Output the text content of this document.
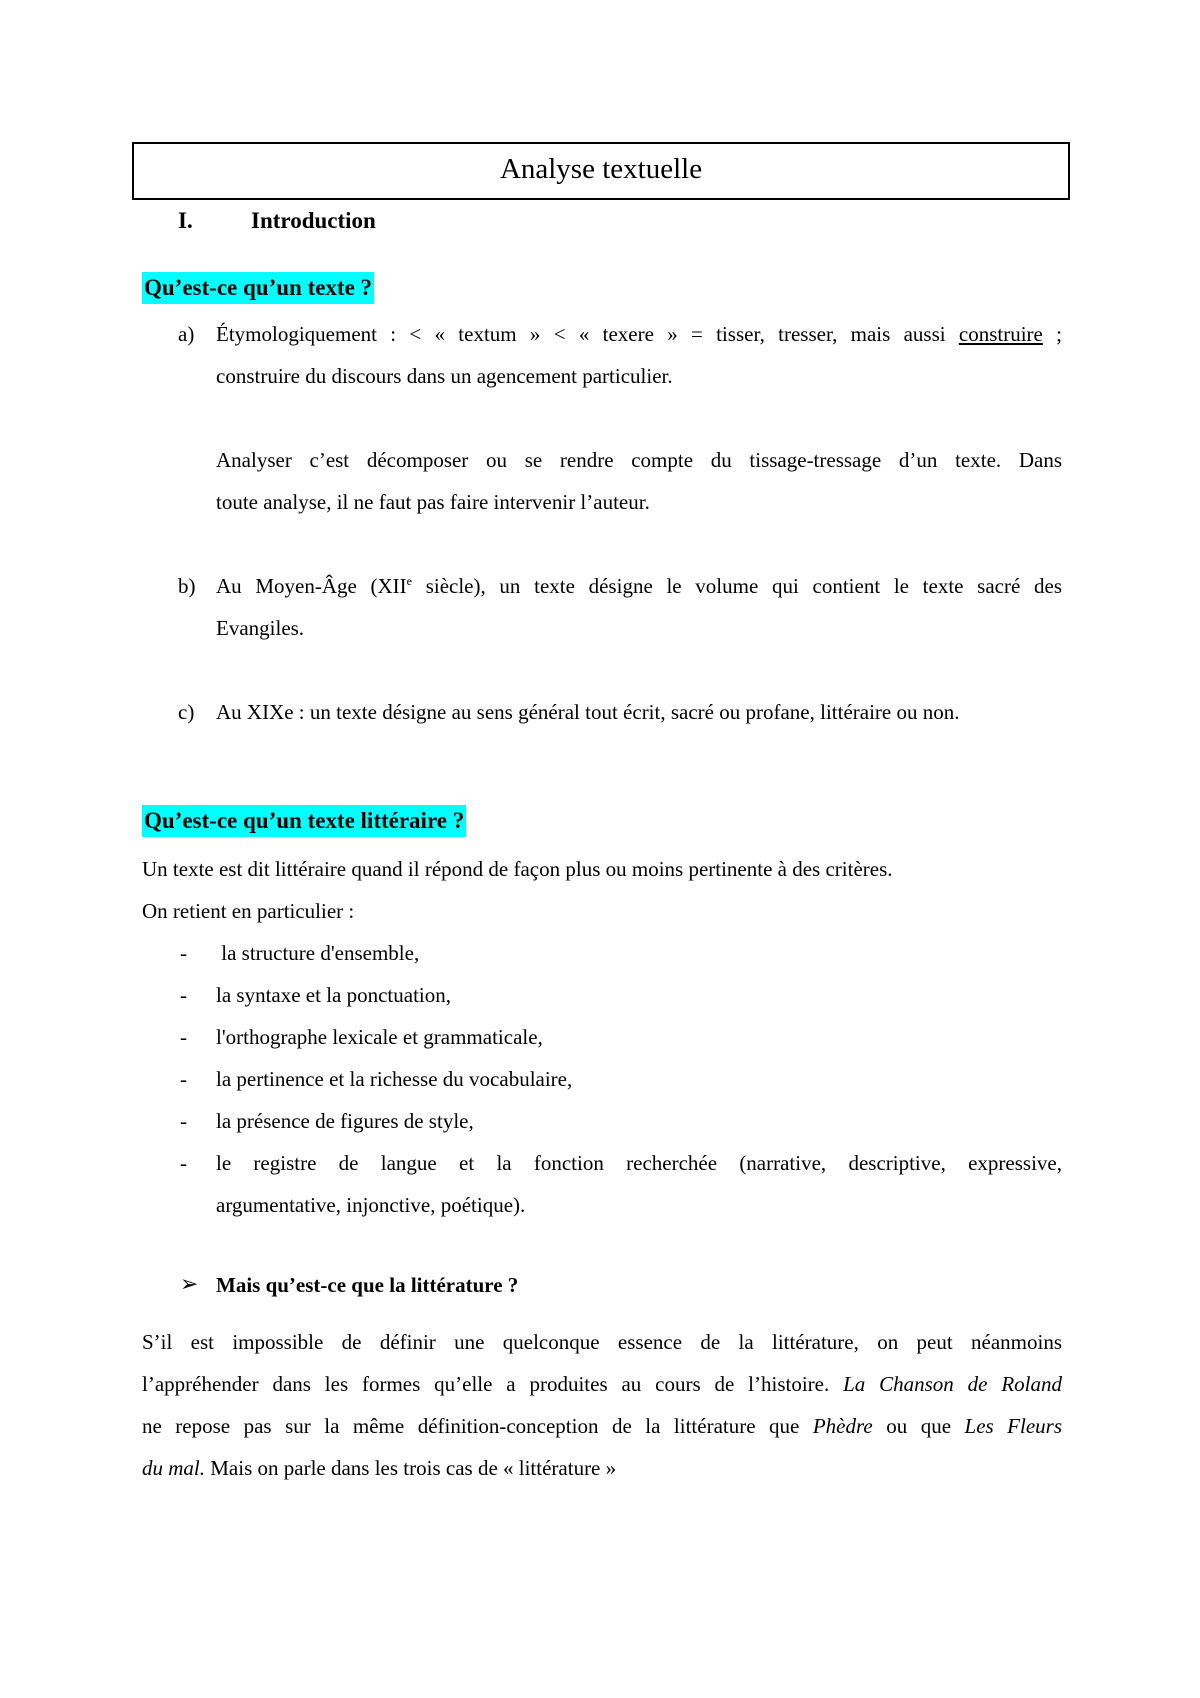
Analyse textuelle
I.	Introduction
Qu’est-ce qu’un texte ?
a) Étymologiquement : < « textum » < « texere » = tisser, tresser, mais aussi construire ;
construire du discours dans un agencement particulier.
Analyser c’est décomposer ou se rendre compte du tissage-tressage d’un texte. Dans
toute analyse, il ne faut pas faire intervenir l’auteur.
b) Au Moyen-Âge (XIIe siècle), un texte désigne le volume qui contient le texte sacré des
Evangiles.
c) Au XIXe : un texte désigne au sens général tout écrit, sacré ou profane, littéraire ou non.
Qu’est-ce qu’un texte littéraire ?
Un texte est dit littéraire quand il répond de façon plus ou moins pertinente à des critères.
On retient en particulier :
- la structure d'ensemble,
- la syntaxe et la ponctuation,
- l'orthographe lexicale et grammaticale,
- la pertinence et la richesse du vocabulaire,
- la présence de figures de style,
- le registre de langue et la fonction recherchée (narrative, descriptive, expressive,
argumentative, injonctive, poétique).
➢ Mais qu’est-ce que la littérature ?
S’il est impossible de définir une quelconque essence de la littérature, on peut néanmoins
l’appréhender dans les formes qu’elle a produites au cours de l’histoire. La Chanson de Roland
ne repose pas sur la même définition-conception de la littérature que Phèdre ou que Les Fleurs
du mal. Mais on parle dans les trois cas de « littérature »
